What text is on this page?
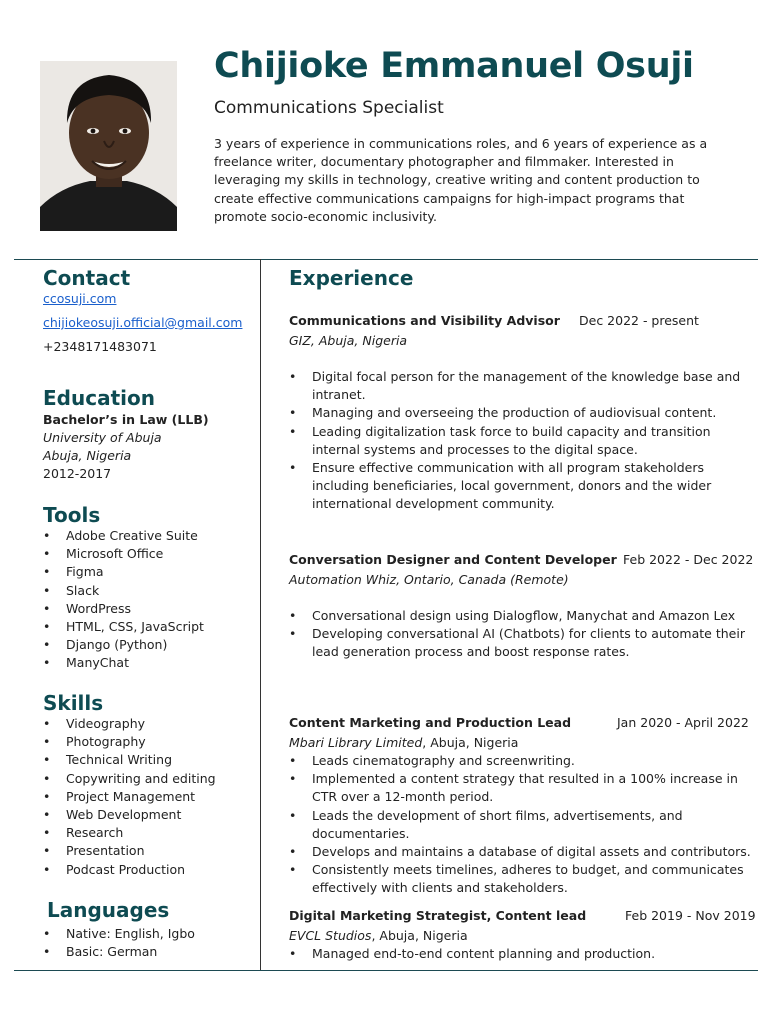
Chijioke Emmanuel Osuji
Communications Specialist

3 years of experience in communications roles, and 6 years of experience as a freelance writer, documentary photographer and filmmaker. Interested in leveraging my skills in technology, creative writing and content production to create effective communications campaigns for high-impact programs that promote socio-economic inclusivity.

Contact
ccosuji.com
chijiokeosuji.official@gmail.com
+2348171483071
Education
Bachelor’s in Law (LLB)
University of Abuja
Abuja, Nigeria
2012-2017
Tools
• Adobe Creative Suite
• Microsoft Office
• Figma
• Slack
• WordPress
• HTML, CSS, JavaScript
• Django (Python)
• ManyChat
Skills
• Videography
• Photography
• Technical Writing
• Copywriting and editing
• Project Management
• Web Development
• Research
• Presentation
• Podcast Production
Languages
• Native: English, Igbo
• Basic: German
Experience
Communications and Visibility Advisor Dec 2022 - present
GIZ, Abuja, Nigeria
• Digital focal person for the management of the knowledge base and intranet.
• Managing and overseeing the production of audiovisual content.
• Leading digitalization task force to build capacity and transition internal systems and processes to the digital space.
• Ensure effective communication with all program stakeholders including beneficiaries, local government, donors and the wider international development community.
Conversation Designer and Content Developer Feb 2022 - Dec 2022
Automation Whiz, Ontario, Canada (Remote)
• Conversational design using Dialogflow, Manychat and Amazon Lex
• Developing conversational AI (Chatbots) for clients to automate their lead generation process and boost response rates.
Content Marketing and Production Lead	Jan 2020 - April 2022
Mbari Library Limited, Abuja, Nigeria
• Leads cinematography and screenwriting.
• Implemented a content strategy that resulted in a 100% increase in CTR over a 12-month period.
• Leads the development of short films, advertisements, and documentaries.
• Develops and maintains a database of digital assets and contributors.
• Consistently meets timelines, adheres to budget, and communicates effectively with clients and stakeholders.
Digital Marketing Strategist, Content lead	Feb 2019 - Nov 2019
EVCL Studios, Abuja, Nigeria
• Managed end-to-end content planning and production.
